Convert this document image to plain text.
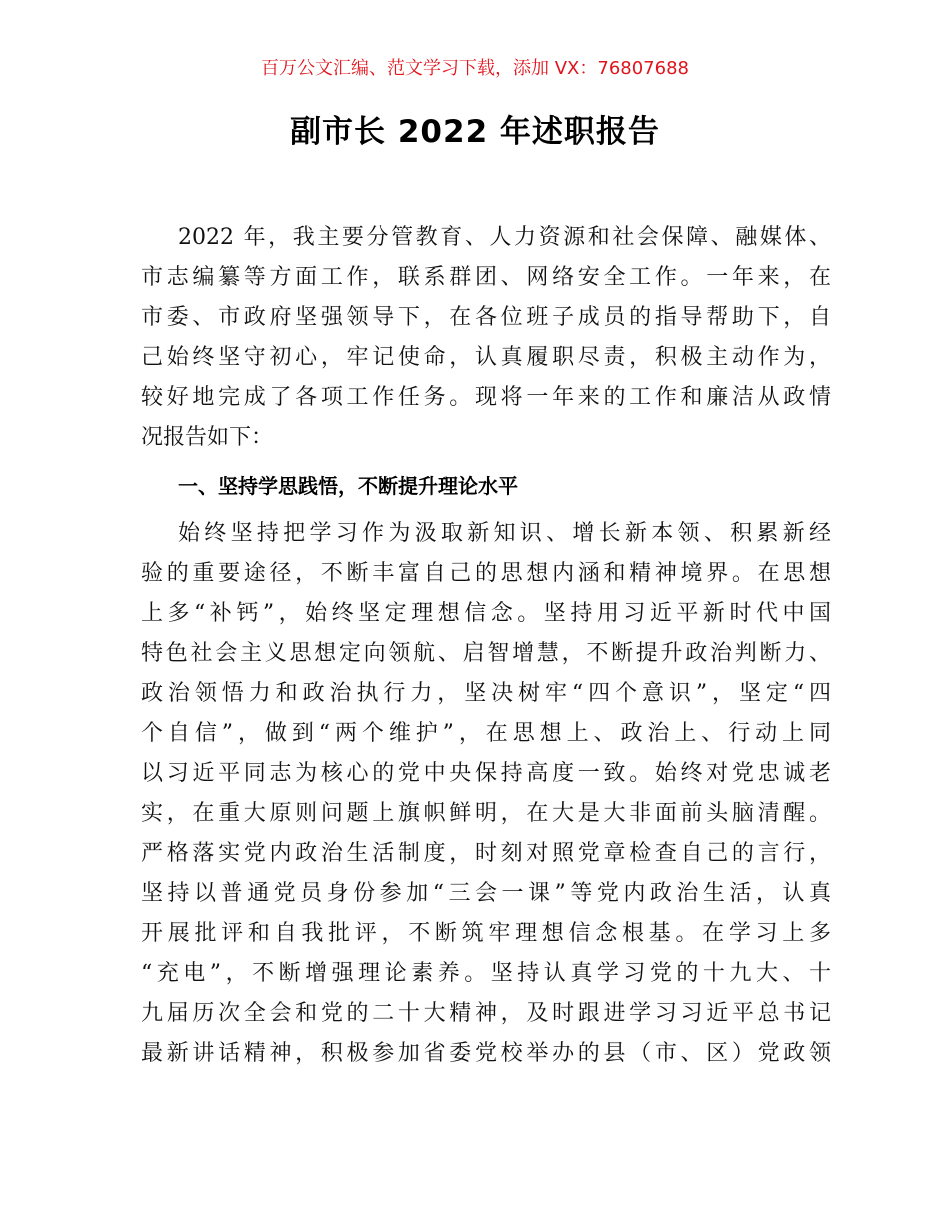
百万公文汇编、范文学习下载，添加 VX：76807688
副市长 2022 年述职报告
2022 年，我主要分管教育、人力资源和社会保障、融媒体、
市志编纂等方面工作，联系群团、网络安全工作。一年来，在
市委、市政府坚强领导下，在各位班子成员的指导帮助下，自
己始终坚守初心，牢记使命，认真履职尽责，积极主动作为，
较好地完成了各项工作任务。现将一年来的工作和廉洁从政情
况报告如下：
一、坚持学思践悟，不断提升理论水平
始终坚持把学习作为汲取新知识、增长新本领、积累新经
验的重要途径，不断丰富自己的思想内涵和精神境界。在思想
上多“补钙”，始终坚定理想信念。坚持用习近平新时代中国
特色社会主义思想定向领航、启智增慧，不断提升政治判断力、
政治领悟力和政治执行力，坚决树牢“四个意识”，坚定“四
个自信”，做到“两个维护”，在思想上、政治上、行动上同
以习近平同志为核心的党中央保持高度一致。始终对党忠诚老
实，在重大原则问题上旗帜鲜明，在大是大非面前头脑清醒。
严格落实党内政治生活制度，时刻对照党章检查自己的言行，
坚持以普通党员身份参加“三会一课”等党内政治生活，认真
开展批评和自我批评，不断筑牢理想信念根基。在学习上多
“充电”，不断增强理论素养。坚持认真学习党的十九大、十
九届历次全会和党的二十大精神，及时跟进学习习近平总书记
最新讲话精神，积极参加省委党校举办的县（市、区）党政领
